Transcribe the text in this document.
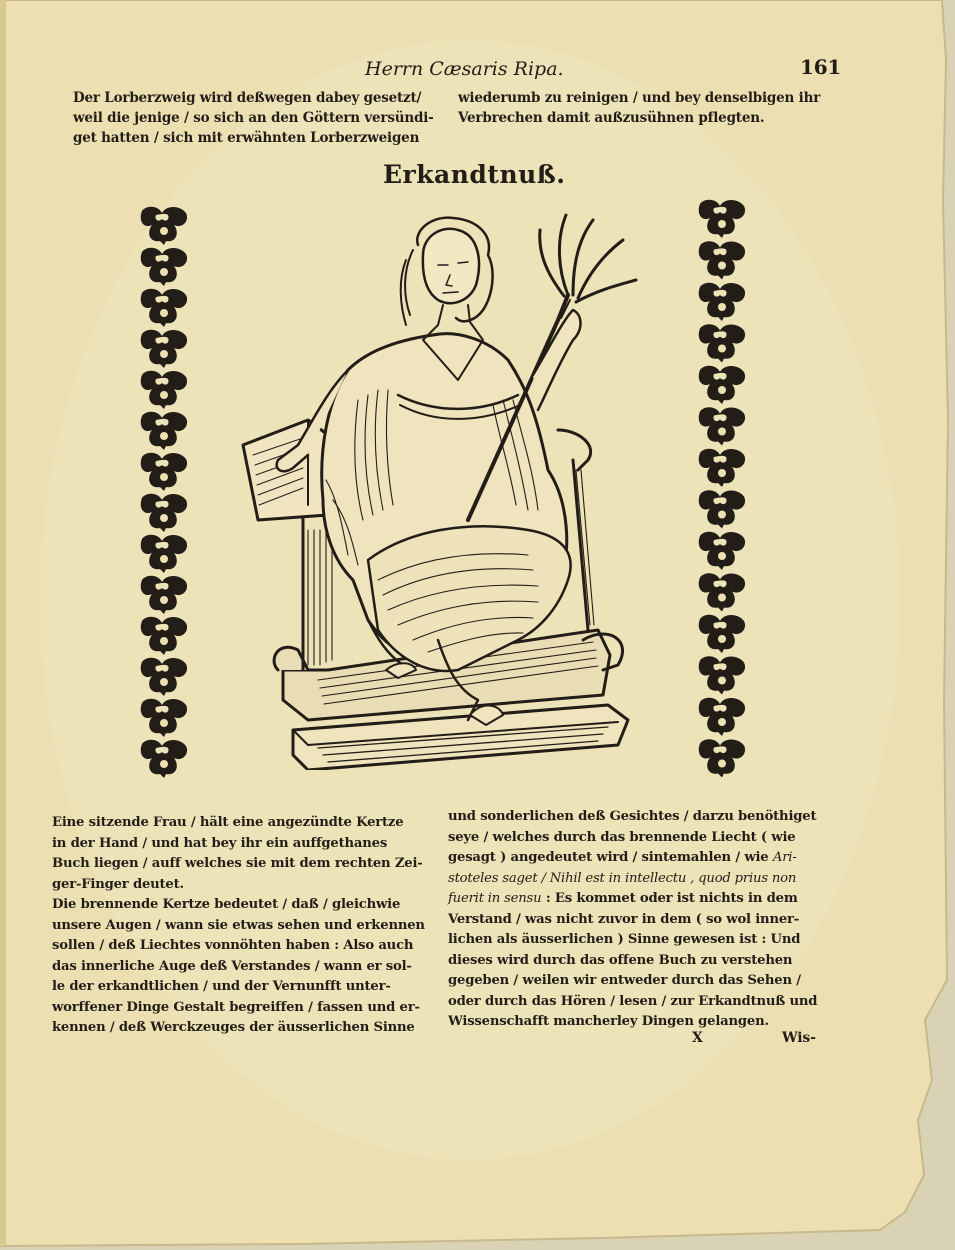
Herrn Cæsaris Ripa.	161
Der Lorberzweig wird deßwegen dabey gesetzt/
weil die jenige / so sich an den Göttern versündi-
get hatten / sich mit erwähnten Lorberzweigen
wiederumb zu reinigen / und bey denselbigen ihr
Verbrechen damit außzusühnen pflegten.
Erkandtnuß.
Eine sitzende Frau / hält eine angezündte Kertze
in der Hand / und hat bey ihr ein auffgethanes
Buch liegen / auff welches sie mit dem rechten Zei-
ger-Finger deutet.
Die brennende Kertze bedeutet / daß / gleichwie
unsere Augen / wann sie etwas sehen und erkennen
sollen / deß Liechtes vonnöhten haben : Also auch
das innerliche Auge deß Verstandes / wann er sol-
le der erkandtlichen / und der Vernunfft unter-
worffener Dinge Gestalt begreiffen / fassen und er-
kennen / deß Werckzeuges der äusserlichen Sinne
und sonderlichen deß Gesichtes / darzu benöthiget
seye / welches durch das brennende Liecht ( wie
gesagt ) angedeutet wird / sintemahlen / wie Ari-
stoteles saget / Nihil est in intellectu , quod prius non
fuerit in sensu : Es kommet oder ist nichts in dem
Verstand / was nicht zuvor in dem ( so wol inner-
lichen als äusserlichen ) Sinne gewesen ist : Und
dieses wird durch das offene Buch zu verstehen
gegeben / weilen wir entweder durch das Sehen /
oder durch das Hören / lesen / zur Erkandtnuß und
Wissenschafft mancherley Dingen gelangen.
X	Wis-
